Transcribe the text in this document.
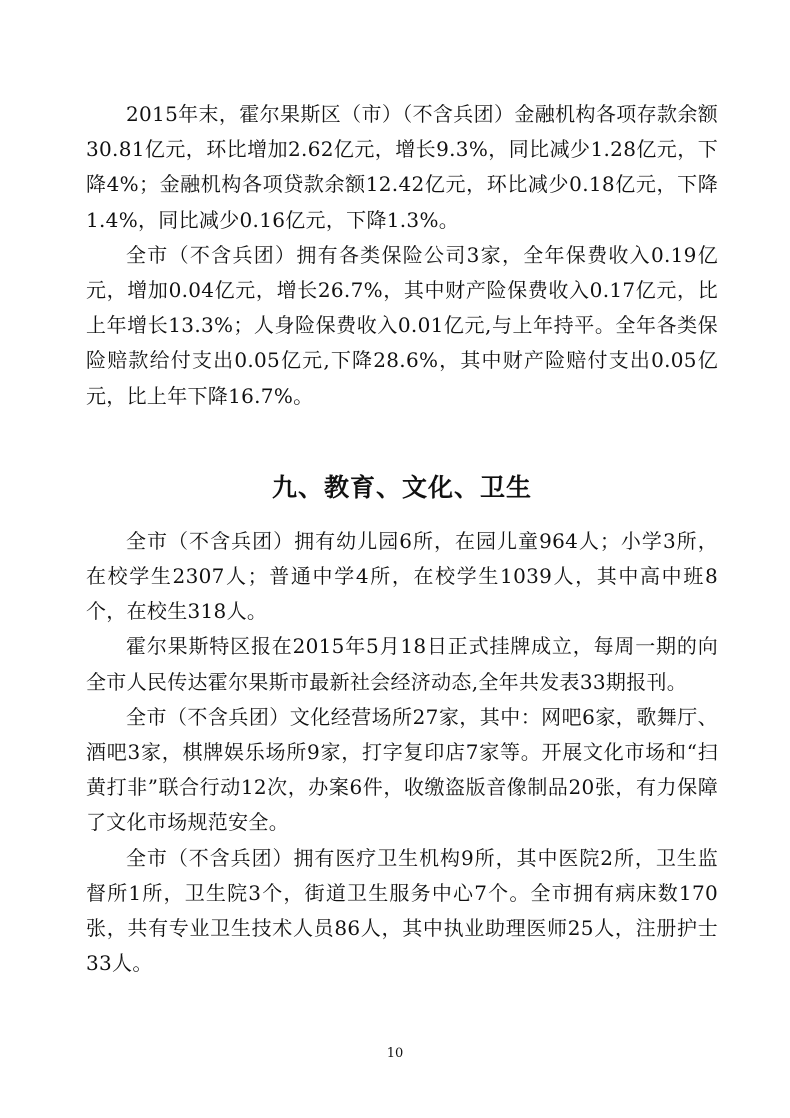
2015年末，霍尔果斯区（市）（不含兵团）金融机构各项存款余额30.81亿元，环比增加2.62亿元，增长9.3%，同比减少1.28亿元，下降4%；金融机构各项贷款余额12.42亿元，环比减少0.18亿元，下降1.4%，同比减少0.16亿元，下降1.3%。

全市（不含兵团）拥有各类保险公司3家，全年保费收入0.19亿元，增加0.04亿元，增长26.7%，其中财产险保费收入0.17亿元，比上年增长13.3%；人身险保费收入0.01亿元,与上年持平。全年各类保险赔款给付支出0.05亿元,下降28.6%，其中财产险赔付支出0.05亿元，比上年下降16.7%。

九、教育、文化、卫生

全市（不含兵团）拥有幼儿园6所，在园儿童964人；小学3所，在校学生2307人；普通中学4所，在校学生1039人，其中高中班8个，在校生318人。

霍尔果斯特区报在2015年5月18日正式挂牌成立，每周一期的向全市人民传达霍尔果斯市最新社会经济动态,全年共发表33期报刊。

全市（不含兵团）文化经营场所27家，其中：网吧6家，歌舞厅、酒吧3家，棋牌娱乐场所9家，打字复印店7家等。开展文化市场和“扫黄打非”联合行动12次，办案6件，收缴盗版音像制品20张，有力保障了文化市场规范安全。

全市（不含兵团）拥有医疗卫生机构9所，其中医院2所，卫生监督所1所，卫生院3个，街道卫生服务中心7个。全市拥有病床数170张，共有专业卫生技术人员86人，其中执业助理医师25人，注册护士33人。

10
